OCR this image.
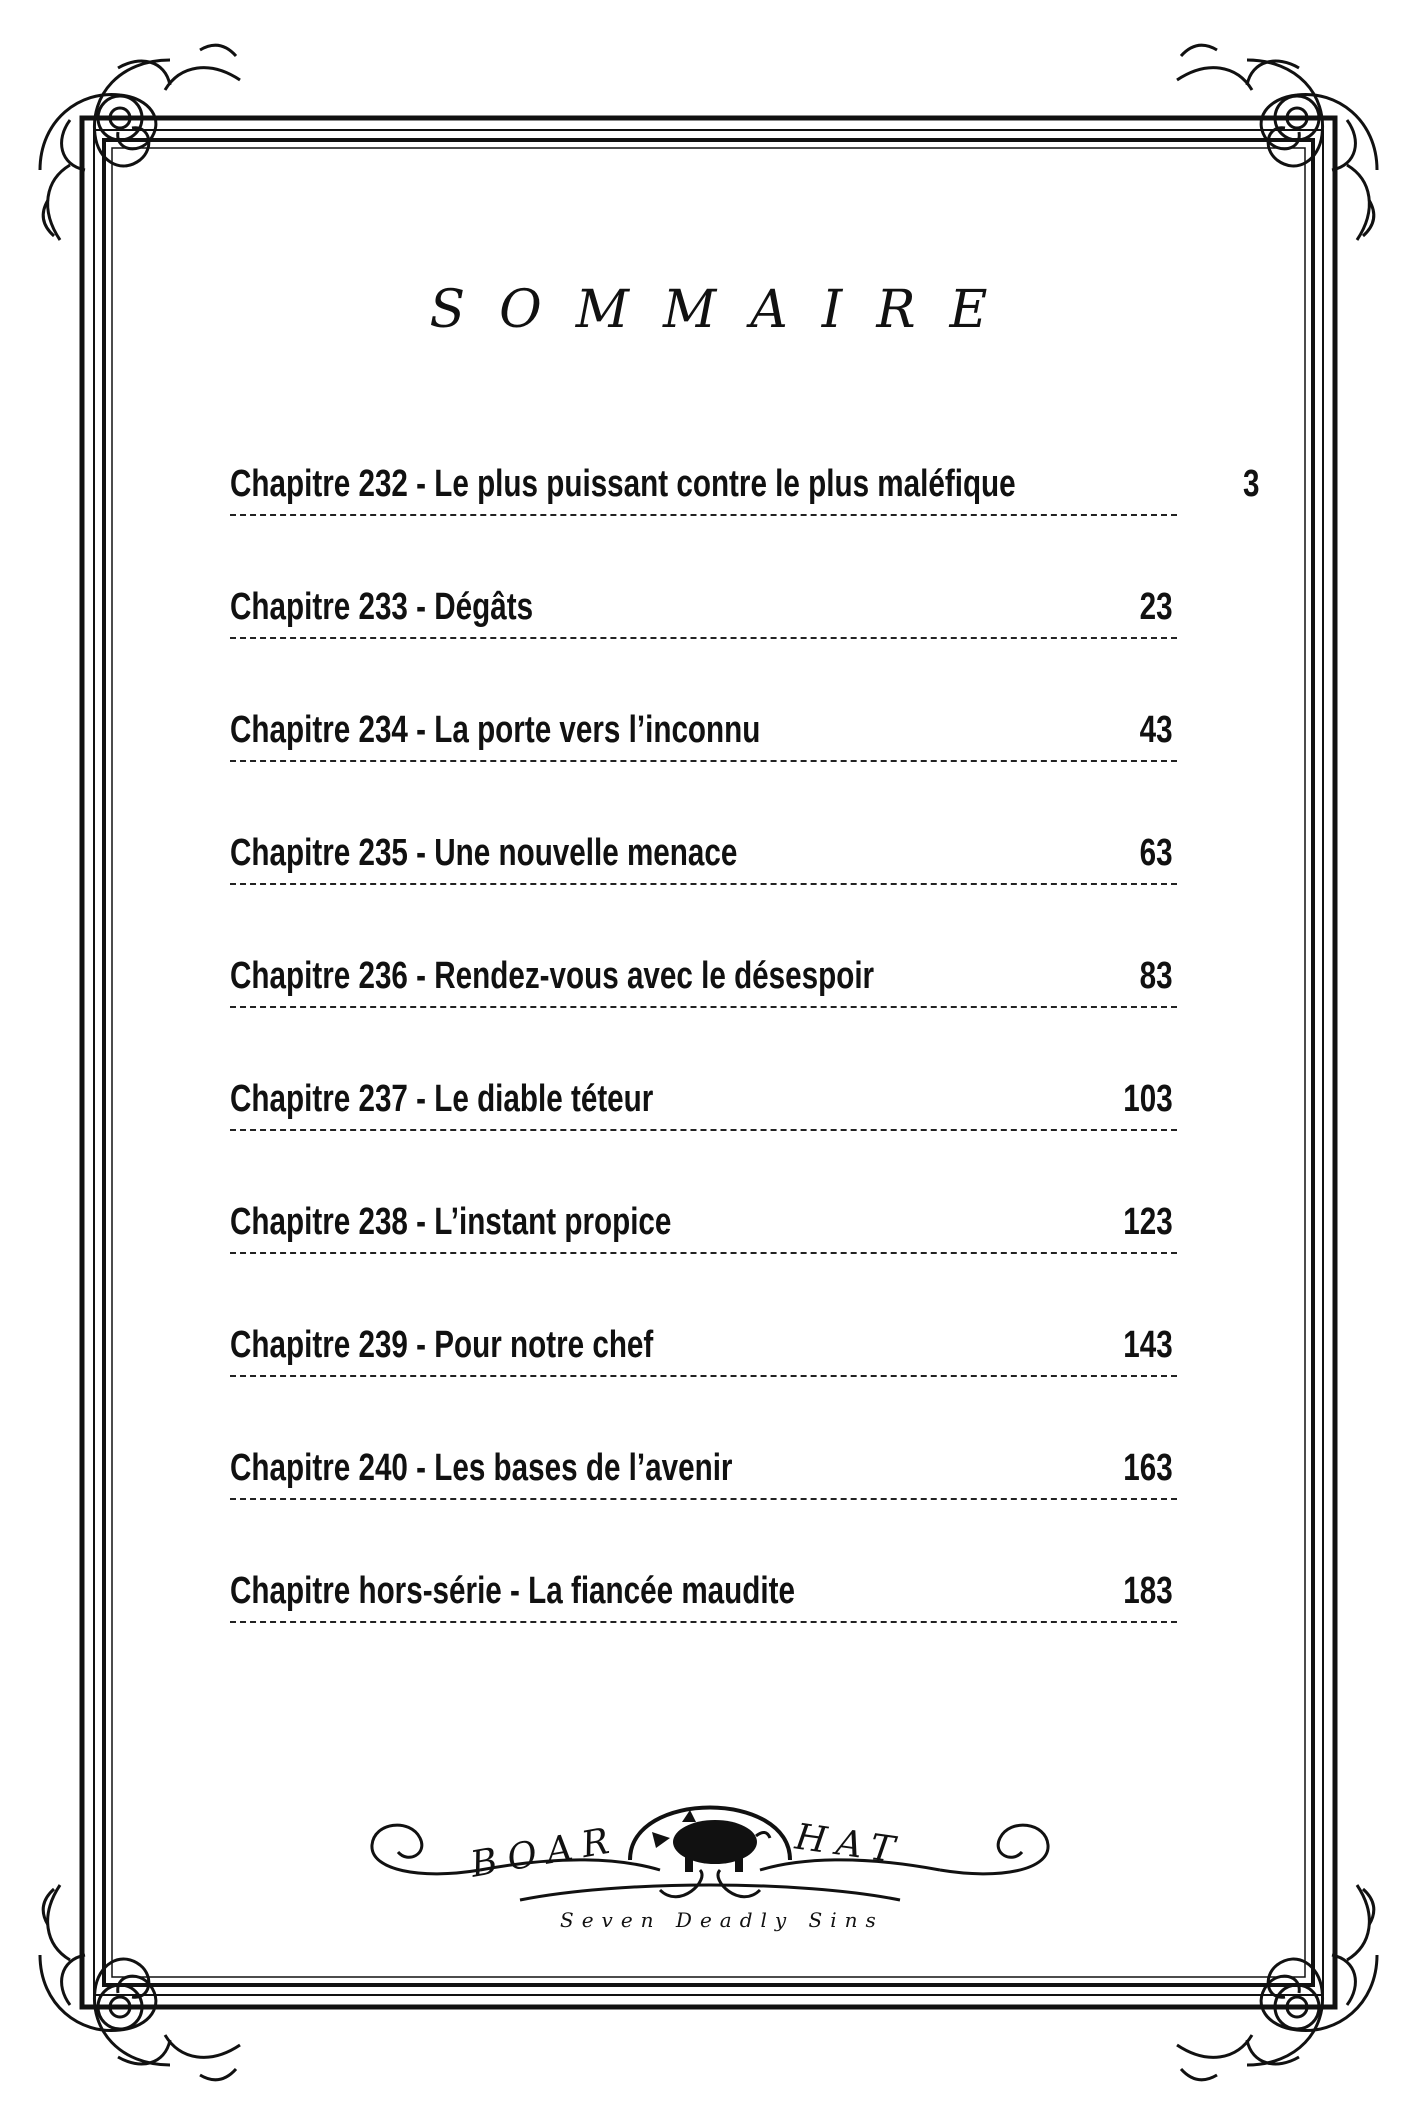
SOMMAIRE
Chapitre 232 - Le plus puissant contre le plus maléfique	3
Chapitre 233 - Dégâts	23
Chapitre 234 - La porte vers l’inconnu	43
Chapitre 235 - Une nouvelle menace	63
Chapitre 236 - Rendez-vous avec le désespoir	83
Chapitre 237 - Le diable téteur	103
Chapitre 238 - L’instant propice	123
Chapitre 239 - Pour notre chef	143
Chapitre 240 - Les bases de l’avenir	163
Chapitre hors-série - La fiancée maudite	183
BOAR	HAT
Seven Deadly Sins
